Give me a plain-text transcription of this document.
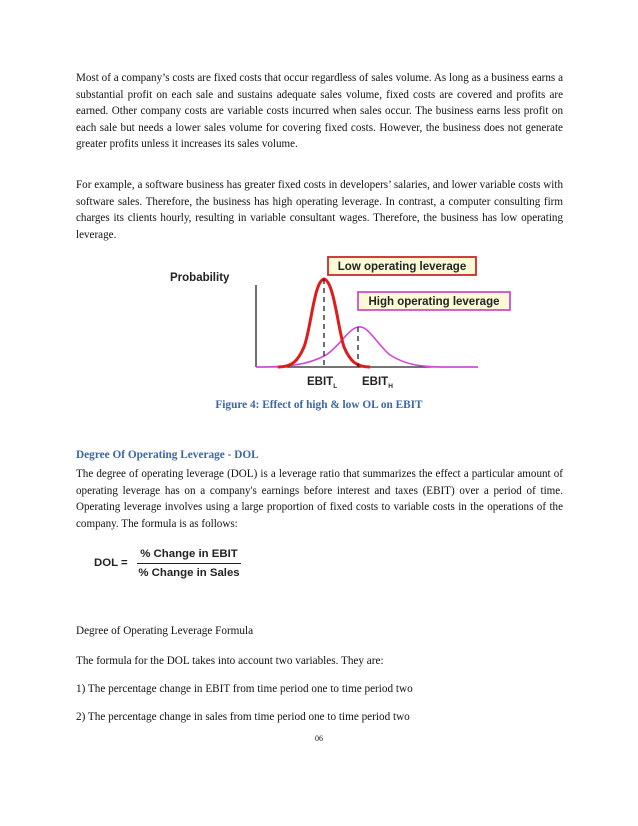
Most of a company’s costs are fixed costs that occur regardless of sales volume. As long as a business earns a substantial profit on each sale and sustains adequate sales volume, fixed costs are covered and profits are earned. Other company costs are variable costs incurred when sales occur. The business earns less profit on each sale but needs a lower sales volume for covering fixed costs. However, the business does not generate greater profits unless it increases its sales volume.

For example, a software business has greater fixed costs in developers’ salaries, and lower variable costs with software sales. Therefore, the business has high operating leverage. In contrast, a computer consulting firm charges its clients hourly, resulting in variable consultant wages. Therefore, the business has low operating leverage.

Probability
Low operating leverage
High operating leverage
$EBIT_L$ $EBIT_H$

Figure 4: Effect of high & low OL on EBIT

Degree Of Operating Leverage - DOL

The degree of operating leverage (DOL) is a leverage ratio that summarizes the effect a particular amount of operating leverage has on a company's earnings before interest and taxes (EBIT) over a period of time. Operating leverage involves using a large proportion of fixed costs to variable costs in the operations of the company. The formula is as follows:

DOL =
% Change in EBIT
% Change in Sales

Degree of Operating Leverage Formula

The formula for the DOL takes into account two variables. They are:

1) The percentage change in EBIT from time period one to time period two

2) The percentage change in sales from time period one to time period two

06
